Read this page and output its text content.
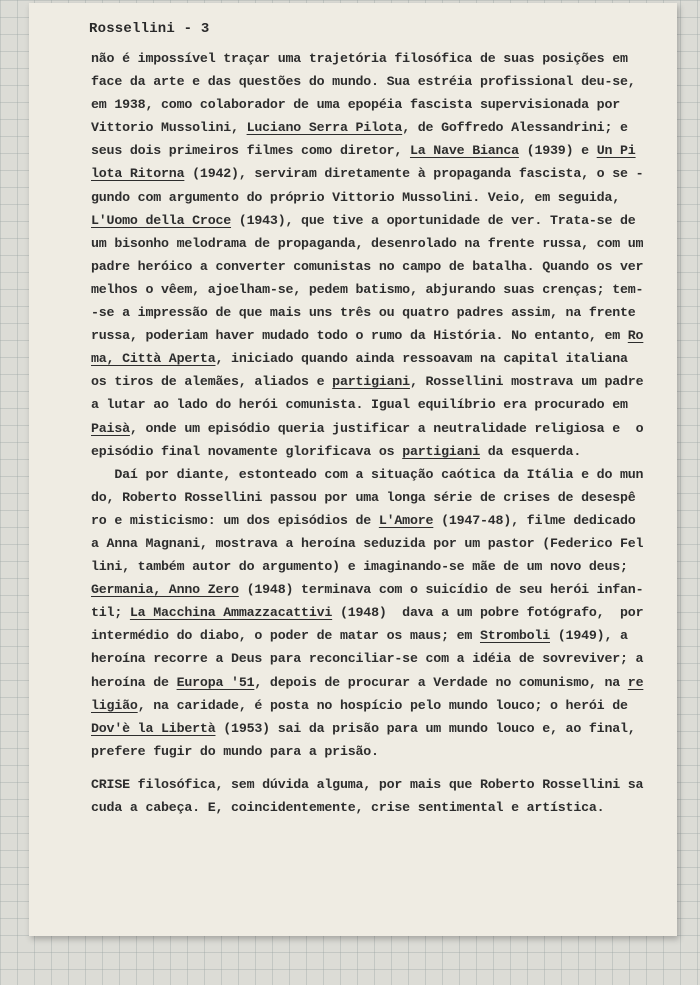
Rossellini - 3
não é impossível traçar uma trajetória filosófica de suas posições em
face da arte e das questões do mundo. Sua estréia profissional deu-se,
em 1938, como colaborador de uma epopéia fascista supervisionada por
Vittorio Mussolini, Luciano Serra Pilota, de Goffredo Alessandrini; e
seus dois primeiros filmes como diretor, La Nave Bianca (1939) e Un Pi
lota Ritorna (1942), serviram diretamente à propaganda fascista, o se -
gundo com argumento do próprio Vittorio Mussolini. Veio, em seguida,
L'Uomo della Croce (1943), que tive a oportunidade de ver. Trata-se de
um bisonho melodrama de propaganda, desenrolado na frente russa, com um
padre heróico a converter comunistas no campo de batalha. Quando os ver
melhos o vêem, ajoelham-se, pedem batismo, abjurando suas crenças; tem-
-se a impressão de que mais uns três ou quatro padres assim, na frente
russa, poderiam haver mudado todo o rumo da História. No entanto, em Ro
ma, Città Aperta, iniciado quando ainda ressoavam na capital italiana
os tiros de alemães, aliados e partigiani, Rossellini mostrava um padre
a lutar ao lado do herói comunista. Igual equilíbrio era procurado em
Paisà, onde um episódio queria justificar a neutralidade religiosa e  o
episódio final novamente glorificava os partigiani da esquerda.
Daí por diante, estonteado com a situação caótica da Itália e do mun
do, Roberto Rossellini passou por uma longa série de crises de desespê
ro e misticismo: um dos episódios de L'Amore (1947-48), filme dedicado
a Anna Magnani, mostrava a heroína seduzida por um pastor (Federico Fel
lini, também autor do argumento) e imaginando-se mãe de um novo deus;
Germania, Anno Zero (1948) terminava com o suicídio de seu herói infan-
til; La Macchina Ammazzacattivi (1948)  dava a um pobre fotógrafo,  por
intermédio do diabo, o poder de matar os maus; em Stromboli (1949), a
heroína recorre a Deus para reconciliar-se com a idéia de sovreviver; a
heroína de Europa '51, depois de procurar a Verdade no comunismo, na re
ligião, na caridade, é posta no hospício pelo mundo louco; o herói de
Dov'è la Libertà (1953) sai da prisão para um mundo louco e, ao final,
prefere fugir do mundo para a prisão.
CRISE filosófica, sem dúvida alguma, por mais que Roberto Rossellini sa
cuda a cabeça. E, coincidentemente, crise sentimental e artística.
